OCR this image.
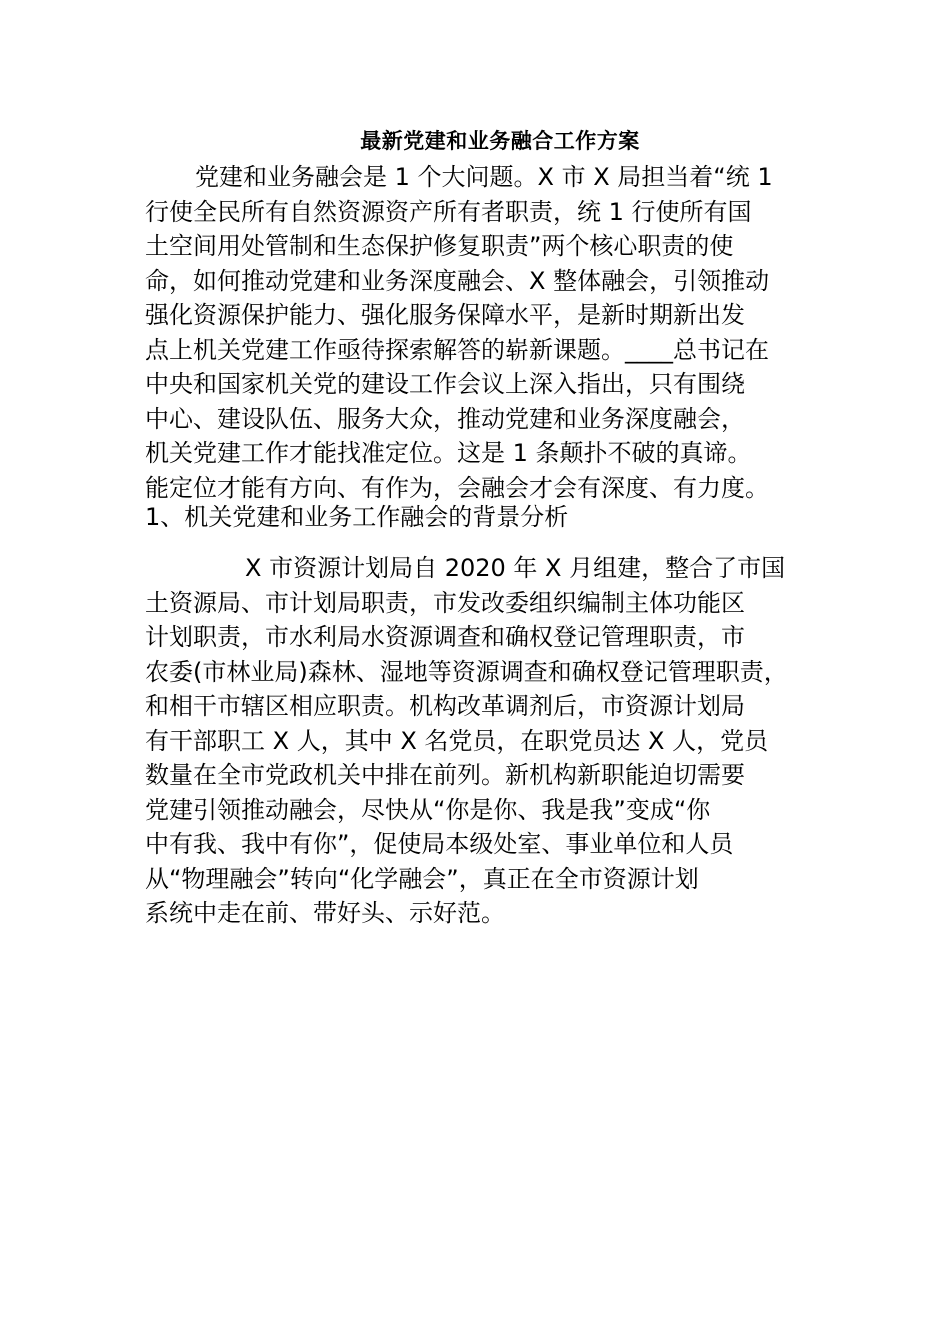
最新党建和业务融合工作方案
党建和业务融会是 1 个大问题。X 市 X 局担当着“统 1
行使全民所有自然资源资产所有者职责，统 1 行使所有国
土空间用处管制和生态保护修复职责”两个核心职责的使
命，如何推动党建和业务深度融会、X 整体融会，引领推动
强化资源保护能力、强化服务保障水平，是新时期新出发
点上机关党建工作亟待探索解答的崭新课题。____总书记在
中央和国家机关党的建设工作会议上深入指出，只有围绕
中心、建设队伍、服务大众，推动党建和业务深度融会，
机关党建工作才能找准定位。这是 1 条颠扑不破的真谛。
能定位才能有方向、有作为，会融会才会有深度、有力度。
1、机关党建和业务工作融会的背景分析
X 市资源计划局自 2020 年 X 月组建，整合了市国
土资源局、市计划局职责，市发改委组织编制主体功能区
计划职责，市水利局水资源调查和确权登记管理职责，市
农委(市林业局)森林、湿地等资源调查和确权登记管理职责，
和相干市辖区相应职责。机构改革调剂后，市资源计划局
有干部职工 X 人，其中 X 名党员，在职党员达 X 人，党员
数量在全市党政机关中排在前列。新机构新职能迫切需要
党建引领推动融会，尽快从“你是你、我是我”变成“你
中有我、我中有你”，促使局本级处室、事业单位和人员
从“物理融会”转向“化学融会”，真正在全市资源计划
系统中走在前、带好头、示好范。
